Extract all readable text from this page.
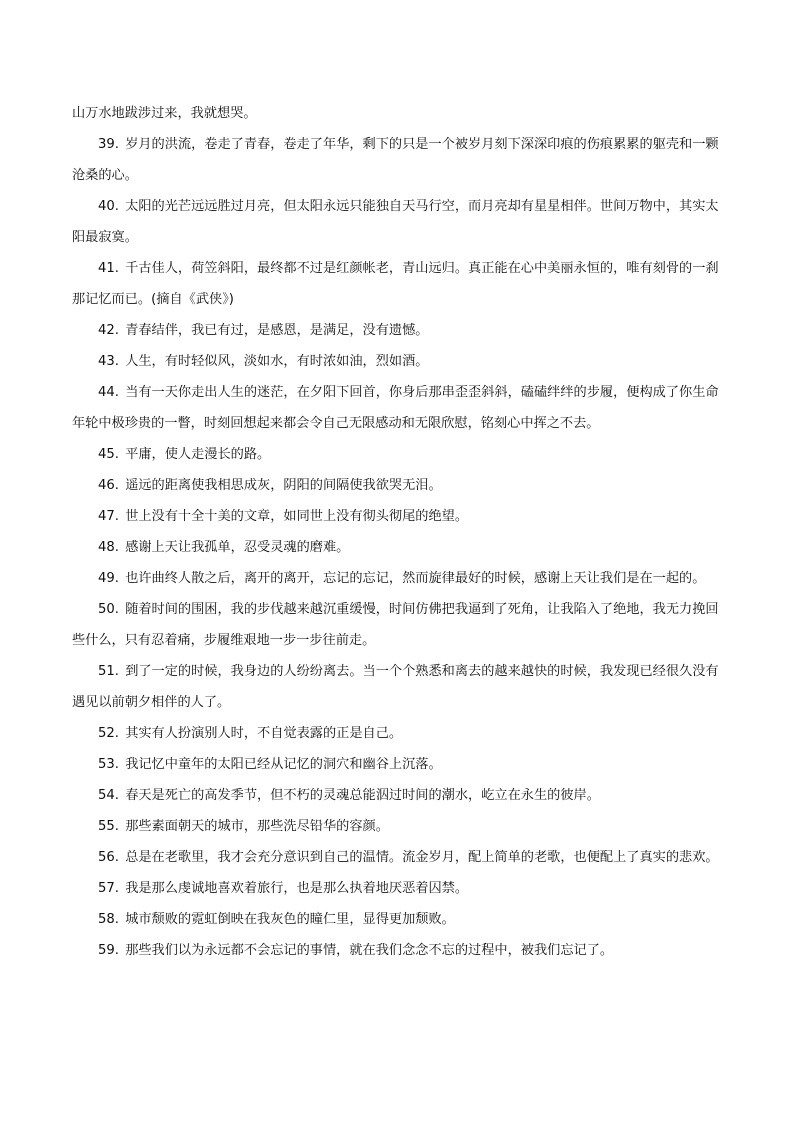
山万水地跋涉过来，我就想哭。

39. 岁月的洪流，卷走了青春，卷走了年华，剩下的只是一个被岁月刻下深深印痕的伤痕累累的躯壳和一颗沧桑的心。

40. 太阳的光芒远远胜过月亮，但太阳永远只能独自天马行空，而月亮却有星星相伴。世间万物中，其实太阳最寂寞。

41. 千古佳人，荷笠斜阳，最终都不过是红颜帐老，青山远归。真正能在心中美丽永恒的，唯有刻骨的一刹那记忆而已。(摘自《武侠》)

42. 青春结伴，我已有过，是感恩，是满足，没有遗憾。

43. 人生，有时轻似风，淡如水，有时浓如油，烈如酒。

44. 当有一天你走出人生的迷茫，在夕阳下回首，你身后那串歪歪斜斜，磕磕绊绊的步履，便构成了你生命年轮中极珍贵的一瞥，时刻回想起来都会令自己无限感动和无限欣慰，铭刻心中挥之不去。

45. 平庸，使人走漫长的路。

46. 遥远的距离使我相思成灰，阴阳的间隔使我欲哭无泪。

47. 世上没有十全十美的文章，如同世上没有彻头彻尾的绝望。

48. 感谢上天让我孤单，忍受灵魂的磨难。

49. 也许曲终人散之后，离开的离开，忘记的忘记，然而旋律最好的时候，感谢上天让我们是在一起的。

50. 随着时间的围困，我的步伐越来越沉重缓慢，时间仿佛把我逼到了死角，让我陷入了绝地，我无力挽回些什么，只有忍着痛，步履维艰地一步一步往前走。

51. 到了一定的时候，我身边的人纷纷离去。当一个个熟悉和离去的越来越快的时候，我发现已经很久没有遇见以前朝夕相伴的人了。

52. 其实有人扮演别人时，不自觉表露的正是自己。

53. 我记忆中童年的太阳已经从记忆的洞穴和幽谷上沉落。

54. 春天是死亡的高发季节，但不朽的灵魂总能泅过时间的潮水，屹立在永生的彼岸。

55. 那些素面朝天的城市，那些洗尽铅华的容颜。

56. 总是在老歌里，我才会充分意识到自己的温情。流金岁月，配上简单的老歌，也便配上了真实的悲欢。

57. 我是那么虔诚地喜欢着旅行，也是那么执着地厌恶着囚禁。

58. 城市颓败的霓虹倒映在我灰色的瞳仁里，显得更加颓败。

59. 那些我们以为永远都不会忘记的事情，就在我们念念不忘的过程中，被我们忘记了。
